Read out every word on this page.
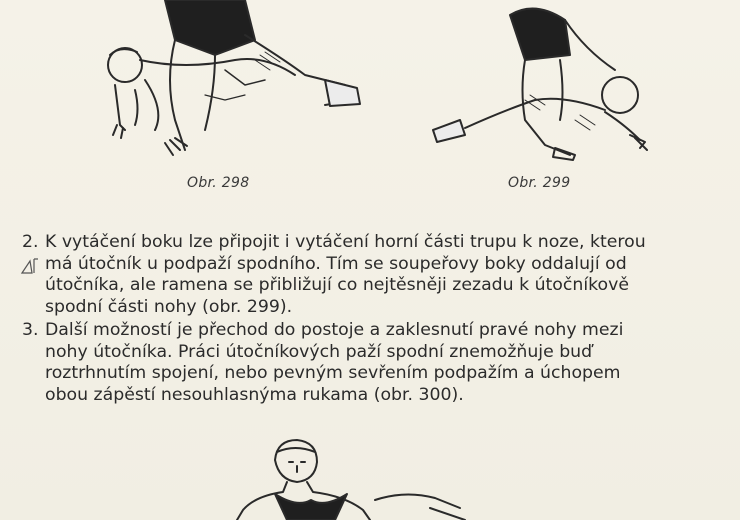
Obr. 298	Obr. 299
2. K vytáčení boku lze připojit i vytáčení horní části trupu k noze, kterou
má útočník u podpaží spodního. Tím se soupeřovy boky oddalují od
útočníka, ale ramena se přibližují co nejtěsněji zezadu k útočníkově
spodní části nohy (obr. 299).
3. Další možností je přechod do postoje a zaklesnutí pravé nohy mezi
nohy útočníka. Práci útočníkových paží spodní znemožňuje buď
roztrhnutím spojení, nebo pevným sevřením podpažím a úchopem
obou zápěstí nesouhlasnýma rukama (obr. 300).
